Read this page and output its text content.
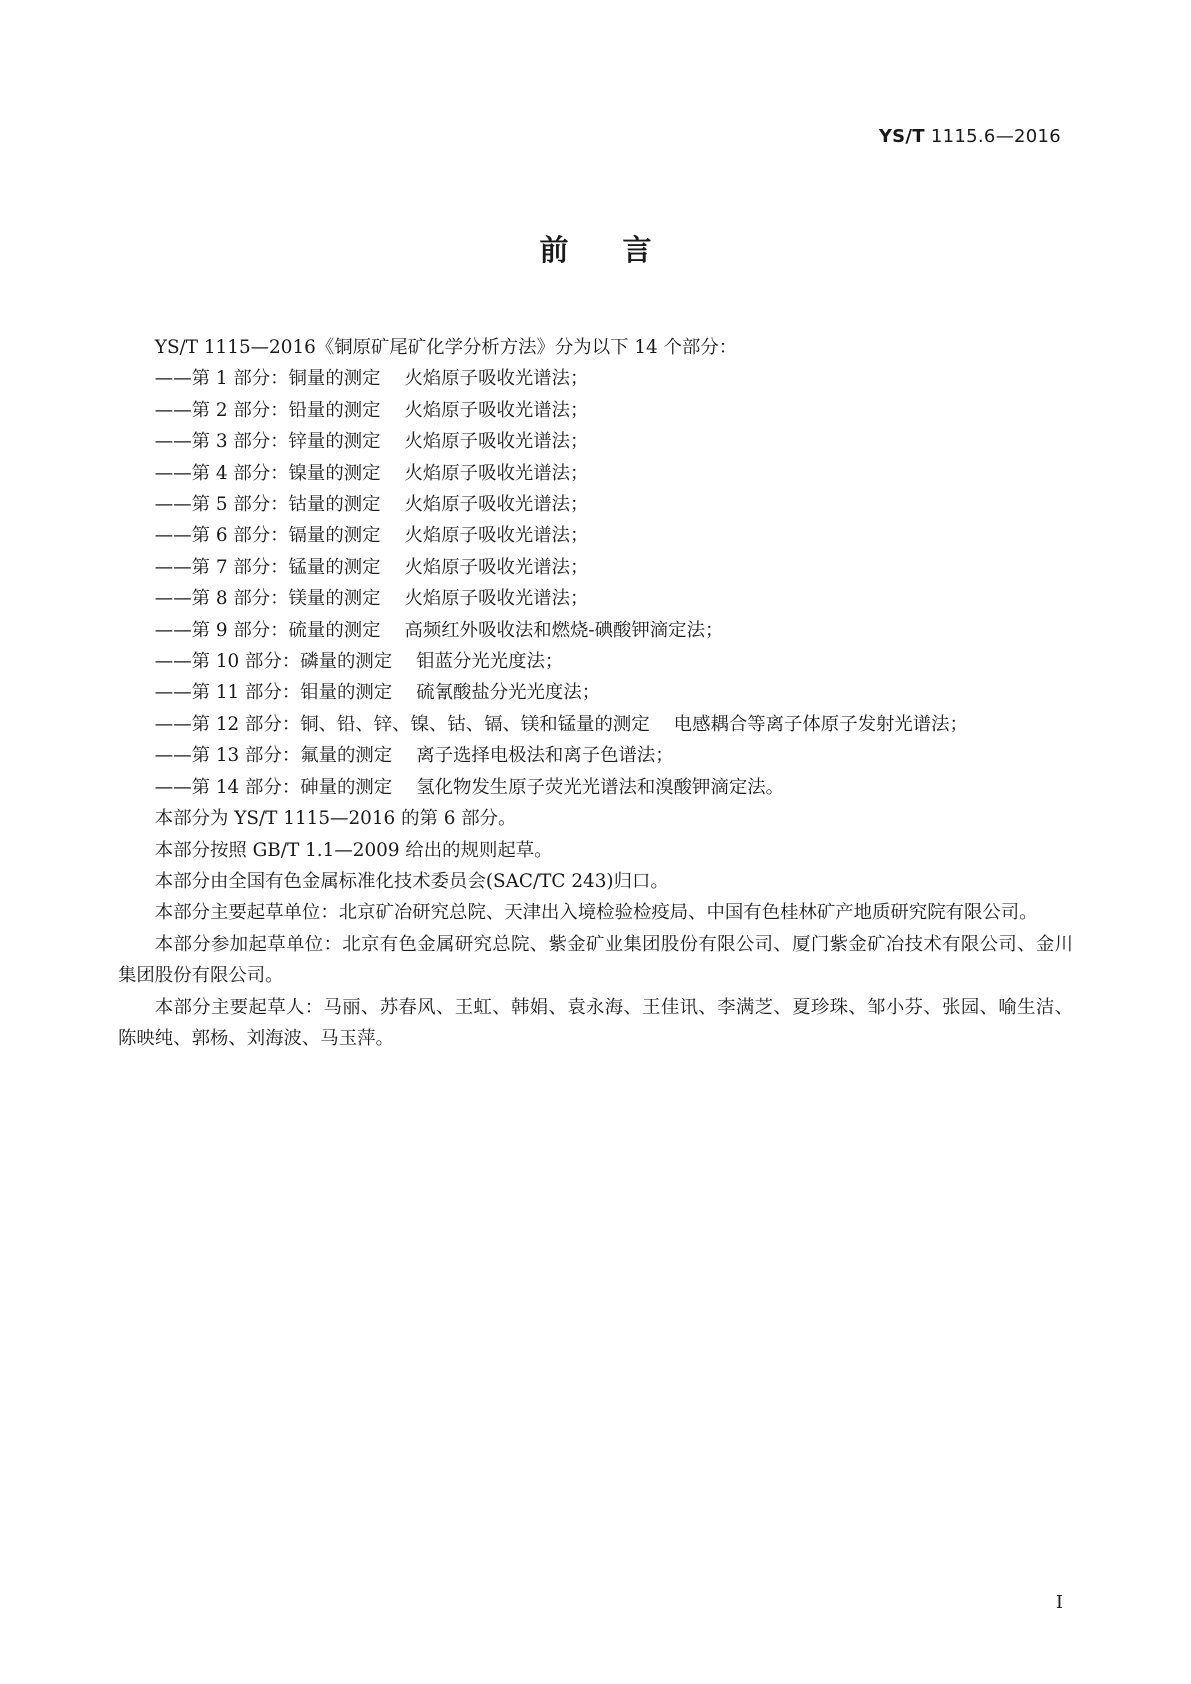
YS/T 1115.6—2016
前言

YS/T 1115—2016《铜原矿尾矿化学分析方法》分为以下 14 个部分：

——第 1 部分：铜量的测定 火焰原子吸收光谱法；
——第 2 部分：铅量的测定 火焰原子吸收光谱法；
——第 3 部分：锌量的测定 火焰原子吸收光谱法；
——第 4 部分：镍量的测定 火焰原子吸收光谱法；
——第 5 部分：钴量的测定 火焰原子吸收光谱法；
——第 6 部分：镉量的测定 火焰原子吸收光谱法；
——第 7 部分：锰量的测定 火焰原子吸收光谱法；
——第 8 部分：镁量的测定 火焰原子吸收光谱法；
——第 9 部分：硫量的测定 高频红外吸收法和燃烧-碘酸钾滴定法；
——第 10 部分：磷量的测定 钼蓝分光光度法；
——第 11 部分：钼量的测定 硫氰酸盐分光光度法；
——第 12 部分：铜、铅、锌、镍、钴、镉、镁和锰量的测定 电感耦合等离子体原子发射光谱法；
——第 13 部分：氟量的测定 离子选择电极法和离子色谱法；
——第 14 部分：砷量的测定 氢化物发生原子荧光光谱法和溴酸钾滴定法。

本部分为 YS/T 1115—2016 的第 6 部分。

本部分按照 GB/T 1.1—2009 给出的规则起草。

本部分由全国有色金属标准化技术委员会(SAC/TC 243)归口。

本部分主要起草单位：北京矿冶研究总院、天津出入境检验检疫局、中国有色桂林矿产地质研究院有限公司。

本部分参加起草单位：北京有色金属研究总院、紫金矿业集团股份有限公司、厦门紫金矿冶技术有限公司、金川集团股份有限公司。

本部分主要起草人：马丽、苏春风、王虹、韩娟、袁永海、王佳讯、李满芝、夏珍珠、邹小芬、张园、喻生洁、陈映纯、郭杨、刘海波、马玉萍。

I
